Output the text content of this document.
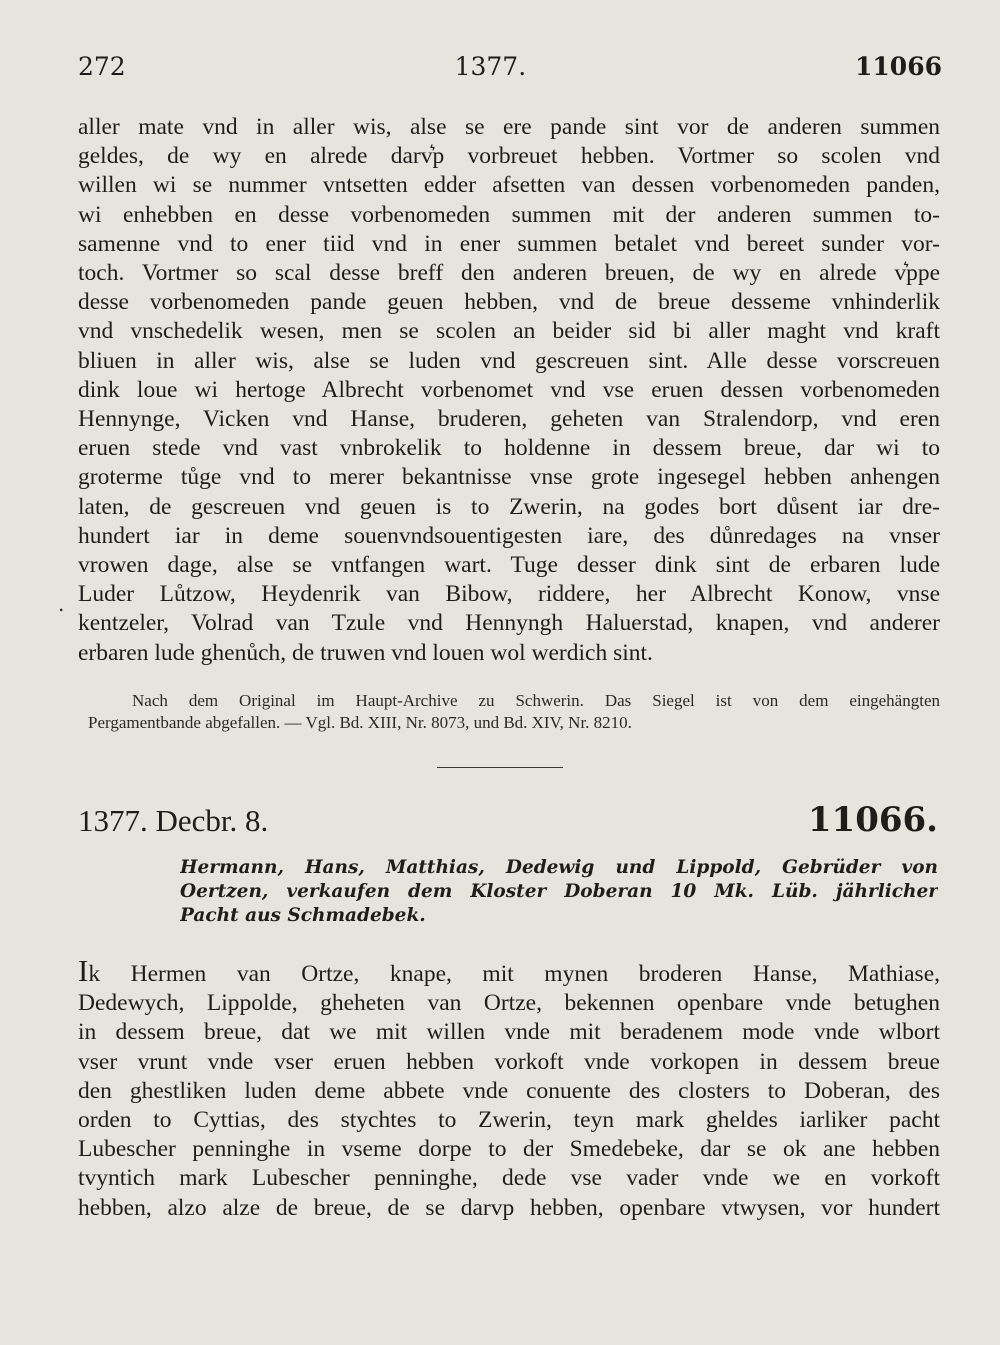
272	1377.	11066
aller mate vnd in aller wis, alse se ere pande sint vor de anderen summen
geldes, de wy en alrede darv͛p vorbreuet hebben. Vortmer so scolen vnd
willen wi se nummer vntsetten edder afsetten van dessen vorbenomeden panden,
wi enhebben en desse vorbenomeden summen mit der anderen summen to-
samenne vnd to ener tiid vnd in ener summen betalet vnd bereet sunder vor-
toch. Vortmer so scal desse breff den anderen breuen, de wy en alrede v͛ppe
desse vorbenomeden pande geuen hebben, vnd de breue desseme vnhinderlik
vnd vnschedelik wesen, men se scolen an beider sid bi aller maght vnd kraft
bliuen in aller wis, alse se luden vnd gescreuen sint. Alle desse vorscreuen
dink loue wi hertoge Albrecht vorbenomet vnd vse eruen dessen vorbenomeden
Hennynge, Vicken vnd Hanse, bruderen, geheten van Stralendorp, vnd eren
eruen stede vnd vast vnbrokelik to holdenne in dessem breue, dar wi to
groterme tůge vnd to merer bekantnisse vnse grote ingesegel hebben anhengen
laten, de gescreuen vnd geuen is to Zwerin, na godes bort důsent iar dre-
hundert iar in deme souenvndsouentigesten iare, des důnredages na vnser
vrowen dage, alse se vntfangen wart. Tuge desser dink sint de erbaren lude
Luder Lůtzow, Heydenrik van Bibow, riddere, her Albrecht Konow, vnse
kentzeler, Volrad van Tzule vnd Hennyngh Haluerstad, knapen, vnd anderer
erbaren lude ghenůch, de truwen vnd louen wol werdich sint.
.
Nach dem Original im Haupt-Archive zu Schwerin. Das Siegel ist von dem eingehängten
Pergamentbande abgefallen. — Vgl. Bd. XIII, Nr. 8073, und Bd. XIV, Nr. 8210.
1377. Decbr. 8.	11066.
Hermann, Hans, Matthias, Dedewig und Lippold, Gebrüder von
Oertzen, verkaufen dem Kloster Doberan 10 Mk. Lüb. jährlicher
Pacht aus Schmadebek.
Ik Hermen van Ortze, knape, mit mynen broderen Hanse, Mathiase,
Dedewych, Lippolde, gheheten van Ortze, bekennen openbare vnde betughen
in dessem breue, dat we mit willen vnde mit beradenem mode vnde wlbort
vser vrunt vnde vser eruen hebben vorkoft vnde vorkopen in dessem breue
den ghestliken luden deme abbete vnde conuente des closters to Doberan, des
orden to Cyttias, des stychtes to Zwerin, teyn mark gheldes iarliker pacht
Lubescher penninghe in vseme dorpe to der Smedebeke, dar se ok ane hebben
tvyntich mark Lubescher penninghe, dede vse vader vnde we en vorkoft
hebben, alzo alze de breue, de se darvp hebben, openbare vtwysen, vor hundert
